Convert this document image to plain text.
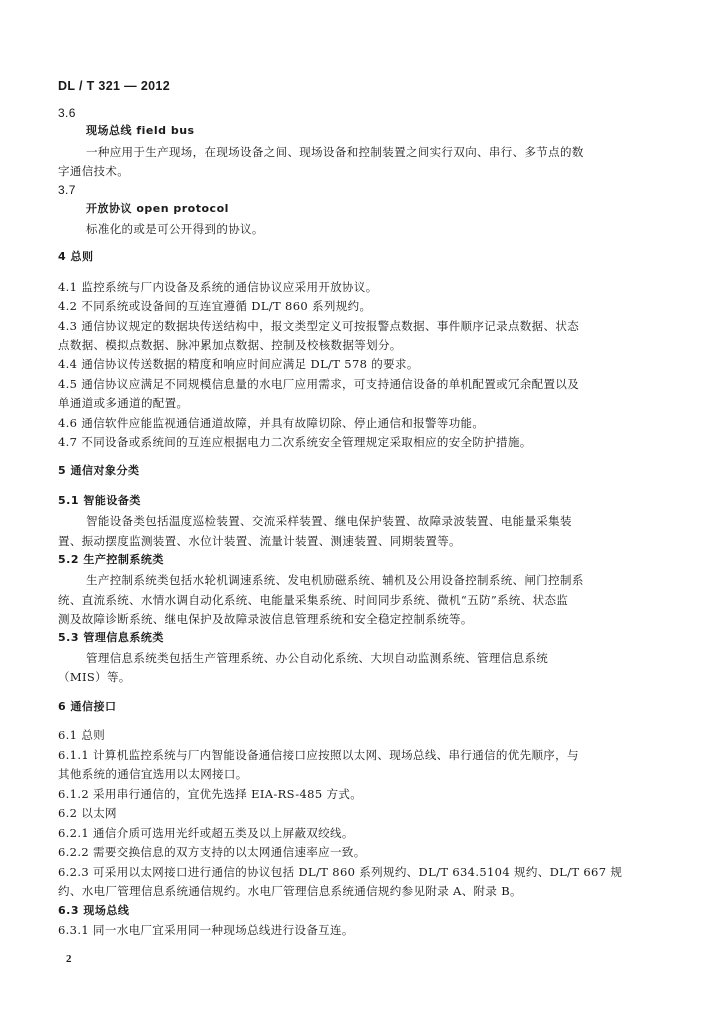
DL / T 321 — 2012
3.6
现场总线 field bus
一种应用于生产现场，在现场设备之间、现场设备和控制装置之间实行双向、串行、多节点的数
字通信技术。
3.7
开放协议 open protocol
标准化的或是可公开得到的协议。
4 总则
4.1 监控系统与厂内设备及系统的通信协议应采用开放协议。
4.2 不同系统或设备间的互连宜遵循 DL/T 860 系列规约。
4.3 通信协议规定的数据块传送结构中，报文类型定义可按报警点数据、事件顺序记录点数据、状态
点数据、模拟点数据、脉冲累加点数据、控制及校核数据等划分。
4.4 通信协议传送数据的精度和响应时间应满足 DL/T 578 的要求。
4.5 通信协议应满足不同规模信息量的水电厂应用需求，可支持通信设备的单机配置或冗余配置以及
单通道或多通道的配置。
4.6 通信软件应能监视通信通道故障，并具有故障切除、停止通信和报警等功能。
4.7 不同设备或系统间的互连应根据电力二次系统安全管理规定采取相应的安全防护措施。
5 通信对象分类
5.1 智能设备类
智能设备类包括温度巡检装置、交流采样装置、继电保护装置、故障录波装置、电能量采集装
置、振动摆度监测装置、水位计装置、流量计装置、测速装置、同期装置等。
5.2 生产控制系统类
生产控制系统类包括水轮机调速系统、发电机励磁系统、辅机及公用设备控制系统、闸门控制系
统、直流系统、水情水调自动化系统、电能量采集系统、时间同步系统、微机“五防”系统、状态监
测及故障诊断系统、继电保护及故障录波信息管理系统和安全稳定控制系统等。
5.3 管理信息系统类
管理信息系统类包括生产管理系统、办公自动化系统、大坝自动监测系统、管理信息系统
（MIS）等。
6 通信接口
6.1 总则
6.1.1 计算机监控系统与厂内智能设备通信接口应按照以太网、现场总线、串行通信的优先顺序，与
其他系统的通信宜选用以太网接口。
6.1.2 采用串行通信的，宜优先选择 EIA-RS-485 方式。
6.2 以太网
6.2.1 通信介质可选用光纤或超五类及以上屏蔽双绞线。
6.2.2 需要交换信息的双方支持的以太网通信速率应一致。
6.2.3 可采用以太网接口进行通信的协议包括 DL/T 860 系列规约、DL/T 634.5104 规约、DL/T 667 规
约、水电厂管理信息系统通信规约。水电厂管理信息系统通信规约参见附录 A、附录 B。
6.3 现场总线
6.3.1 同一水电厂宜采用同一种现场总线进行设备互连。
2
